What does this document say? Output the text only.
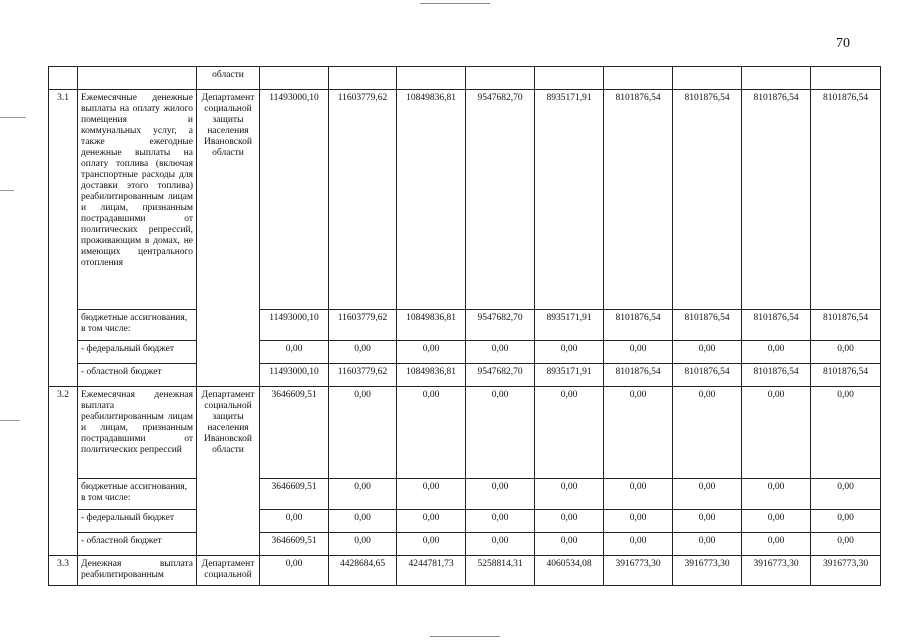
70
		области									
3.1	Ежемесячные денежные выплаты на оплату жилого помещения и коммунальных услуг, а также ежегодные денежные выплаты на оплату топлива (включая транспортные расходы для доставки этого топлива) реабилитированным лицам и лицам, признанным пострадавшими от политических репрессий, проживающим в домах, не имеющих центрального отопления	Департамент социальной защиты населения Ивановской области	11493000,10	11603779,62	10849836,81	9547682,70	8935171,91	8101876,54	8101876,54	8101876,54	8101876,54
	бюджетные ассигнования, в том числе:		11493000,10	11603779,62	10849836,81	9547682,70	8935171,91	8101876,54	8101876,54	8101876,54	8101876,54
	- федеральный бюджет		0,00	0,00	0,00	0,00	0,00	0,00	0,00	0,00	0,00
	- областной бюджет		11493000,10	11603779,62	10849836,81	9547682,70	8935171,91	8101876,54	8101876,54	8101876,54	8101876,54
3.2	Ежемесячная денежная выплата реабилитированным лицам и лицам, признанным пострадавшими от политических репрессий	Департамент социальной защиты населения Ивановской области	3646609,51	0,00	0,00	0,00	0,00	0,00	0,00	0,00	0,00
	бюджетные ассигнования, в том числе:		3646609,51	0,00	0,00	0,00	0,00	0,00	0,00	0,00	0,00
	- федеральный бюджет		0,00	0,00	0,00	0,00	0,00	0,00	0,00	0,00	0,00
	- областной бюджет		3646609,51	0,00	0,00	0,00	0,00	0,00	0,00	0,00	0,00
3.3	Денежная выплата реабилитированным	Департамент социальной	0,00	4428684,65	4244781,73	5258814,31	4060534,08	3916773,30	3916773,30	3916773,30	3916773,30
